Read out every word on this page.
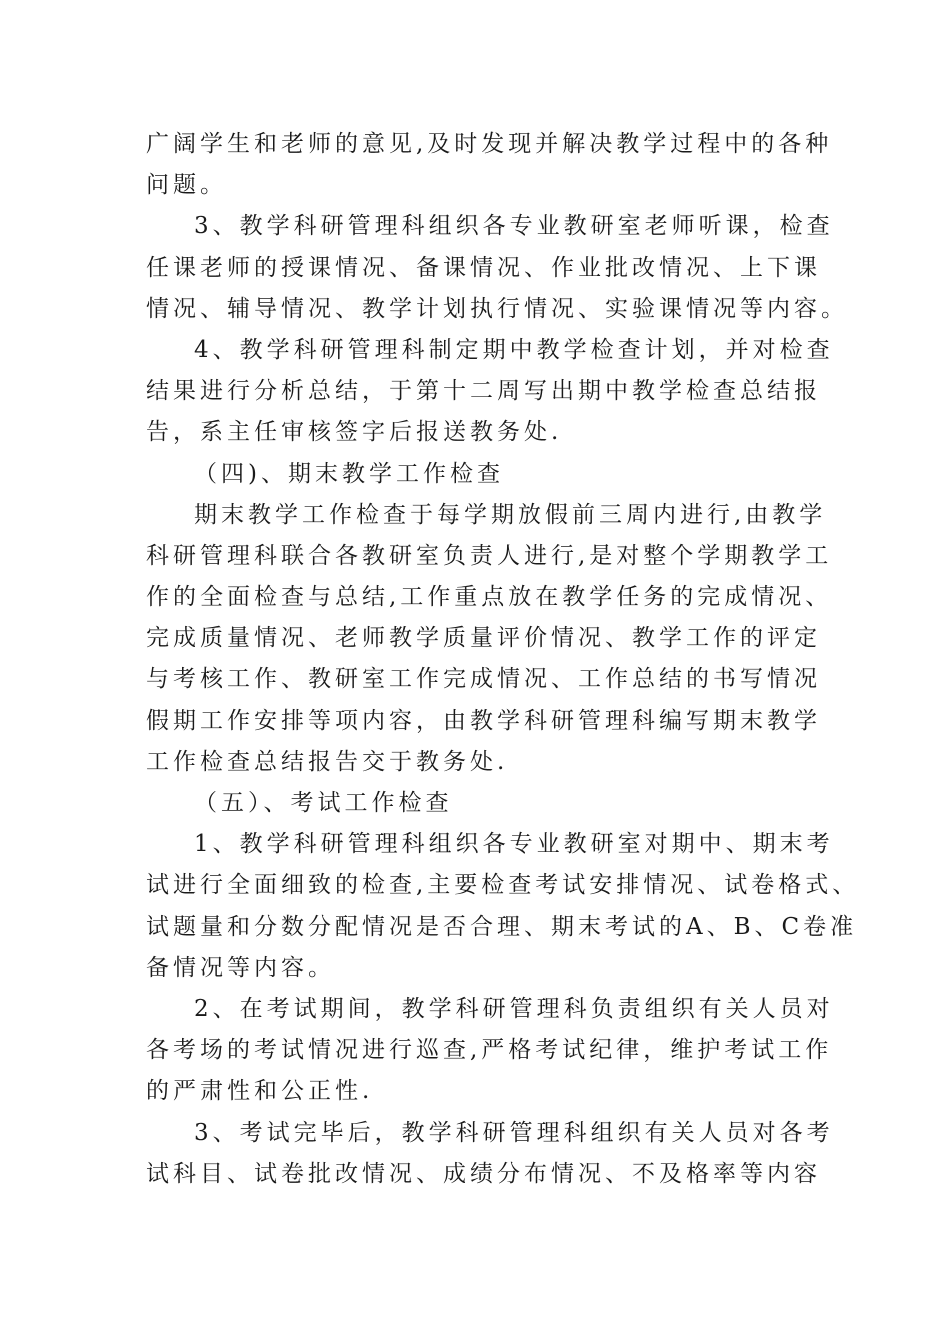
广阔学生和老师的意见,及时发现并解决教学过程中的各种
问题。
3、教学科研管理科组织各专业教研室老师听课，检查
任课老师的授课情况、备课情况、作业批改情况、上下课
情况、辅导情况、教学计划执行情况、实验课情况等内容。
4、教学科研管理科制定期中教学检查计划，并对检查
结果进行分析总结，于第十二周写出期中教学检查总结报
告，系主任审核签字后报送教务处.
（四)、期末教学工作检查
期末教学工作检查于每学期放假前三周内进行,由教学
科研管理科联合各教研室负责人进行,是对整个学期教学工
作的全面检查与总结,工作重点放在教学任务的完成情况、
完成质量情况、老师教学质量评价情况、教学工作的评定
与考核工作、教研室工作完成情况、工作总结的书写情况
假期工作安排等项内容，由教学科研管理科编写期末教学
工作检查总结报告交于教务处.
（五）、考试工作检查
1、教学科研管理科组织各专业教研室对期中、期末考
试进行全面细致的检查,主要检查考试安排情况、试卷格式、
试题量和分数分配情况是否合理、期末考试的A、B、C卷准
备情况等内容。
2、在考试期间，教学科研管理科负责组织有关人员对
各考场的考试情况进行巡查,严格考试纪律，维护考试工作
的严肃性和公正性.
3、考试完毕后，教学科研管理科组织有关人员对各考
试科目、试卷批改情况、成绩分布情况、不及格率等内容
